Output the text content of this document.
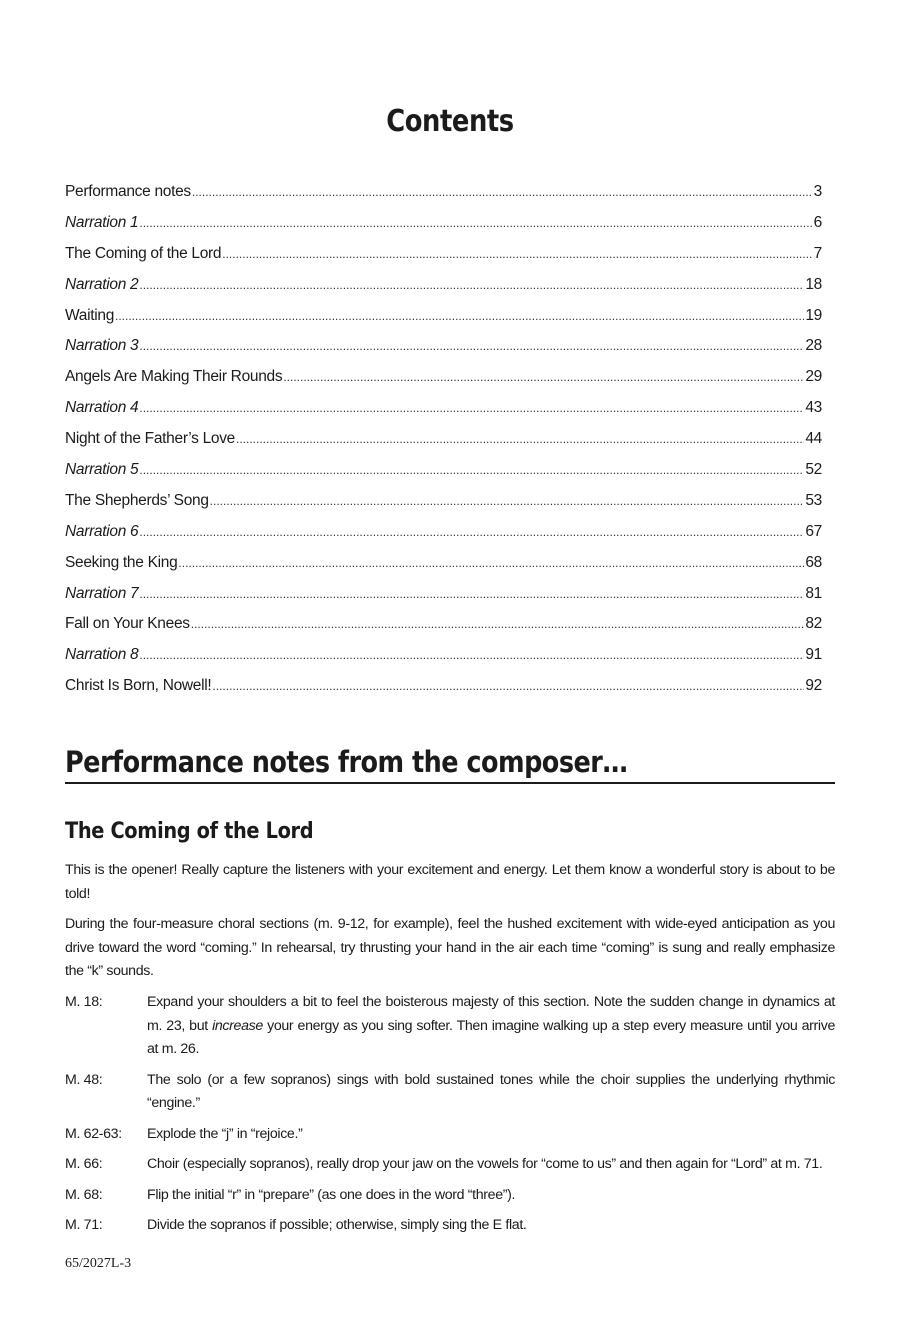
Contents
Performance notes .....	3
Narration 1 .....	6
The Coming of the Lord .....	7
Narration 2 .....	18
Waiting .....	19
Narration 3 .....	28
Angels Are Making Their Rounds .....	29
Narration 4 .....	43
Night of the Father’s Love .....	44
Narration 5 .....	52
The Shepherds’ Song .....	53
Narration 6 .....	67
Seeking the King .....	68
Narration 7 .....	81
Fall on Your Knees .....	82
Narration 8 .....	91
Christ Is Born, Nowell! .....	92
Performance notes from the composer…
The Coming of the Lord

This is the opener! Really capture the listeners with your excitement and energy. Let them know a wonderful story is about to be told!

During the four-measure choral sections (m. 9-12, for example), feel the hushed excitement with wide-eyed anticipation as you drive toward the word “coming.” In rehearsal, try thrusting your hand in the air each time “coming” is sung and really emphasize the “k” sounds.

M. 18:	Expand your shoulders a bit to feel the boisterous majesty of this section. Note the sudden change in dynamics at m. 23, but increase your energy as you sing softer. Then imagine walking up a step every measure until you arrive at m. 26.
M. 48:	The solo (or a few sopranos) sings with bold sustained tones while the choir supplies the underlying rhythmic “engine.”
M. 62-63:	Explode the “j” in “rejoice.”
M. 66:	Choir (especially sopranos), really drop your jaw on the vowels for “come to us” and then again for “Lord” at m. 71.
M. 68:	Flip the initial “r” in “prepare” (as one does in the word “three”).
M. 71:	Divide the sopranos if possible; otherwise, simply sing the E flat.
65/2027L-3
